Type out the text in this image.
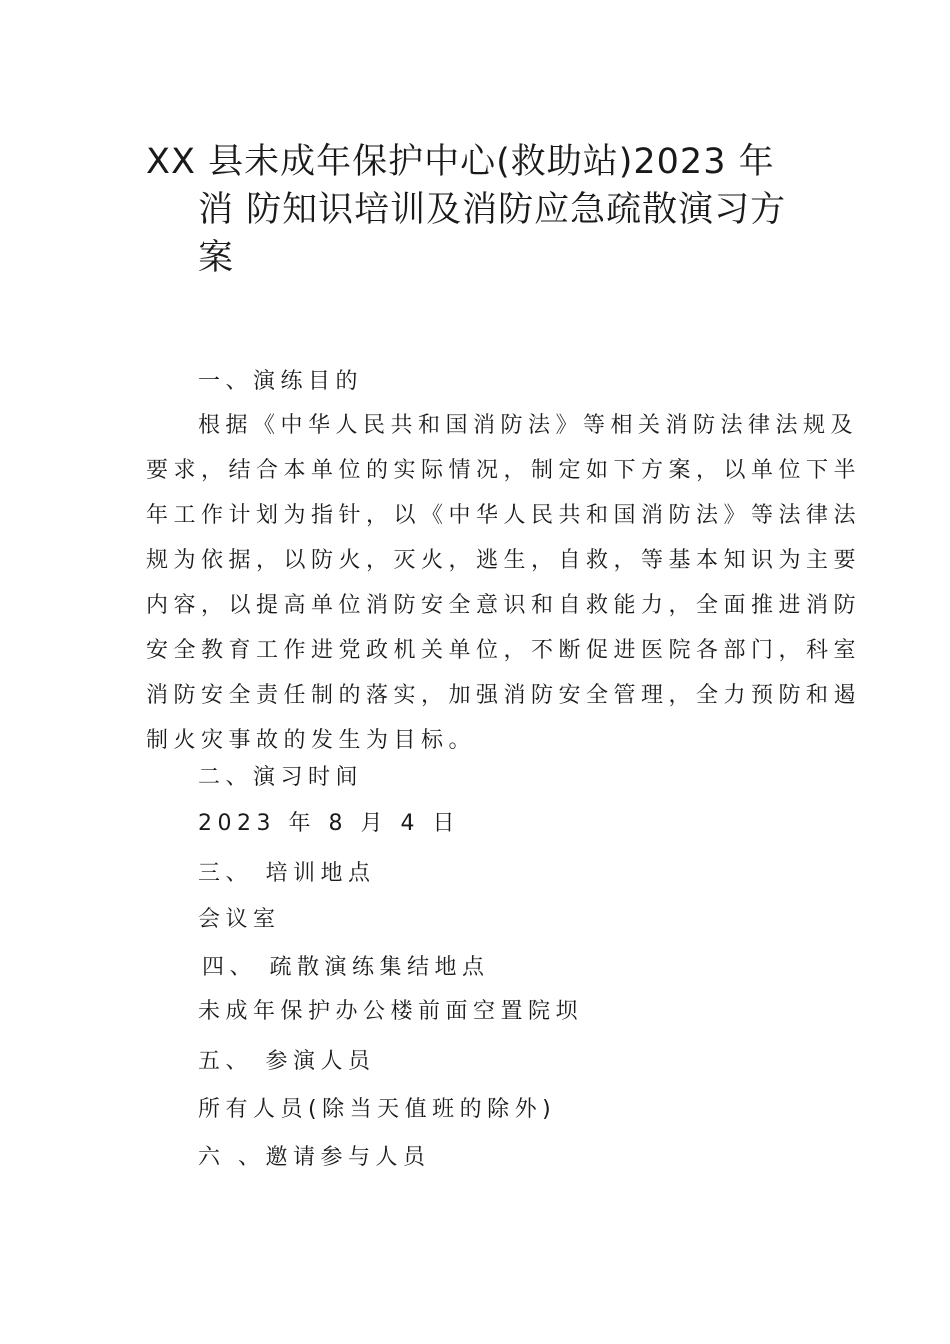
XX 县未成年保护中心(救助站)2023 年
消 防知识培训及消防应急疏散演习方
案
一、演练目的
根据《中华人民共和国消防法》等相关消防法律法规及
要求，结合本单位的实际情况，制定如下方案，以单位下半
年工作计划为指针，以《中华人民共和国消防法》等法律法
规为依据，以防火，灭火，逃生，自救，等基本知识为主要
内容，以提高单位消防安全意识和自救能力，全面推进消防
安全教育工作进党政机关单位，不断促进医院各部门，科室
消防安全责任制的落实，加强消防安全管理，全力预防和遏
制火灾事故的发生为目标。
二、演习时间
2023 年 8 月 4 日
三、 培训地点
会议室
四、 疏散演练集结地点
未成年保护办公楼前面空置院坝
五、 参演人员
所有人员(除当天值班的除外)
六 、邀请参与人员
